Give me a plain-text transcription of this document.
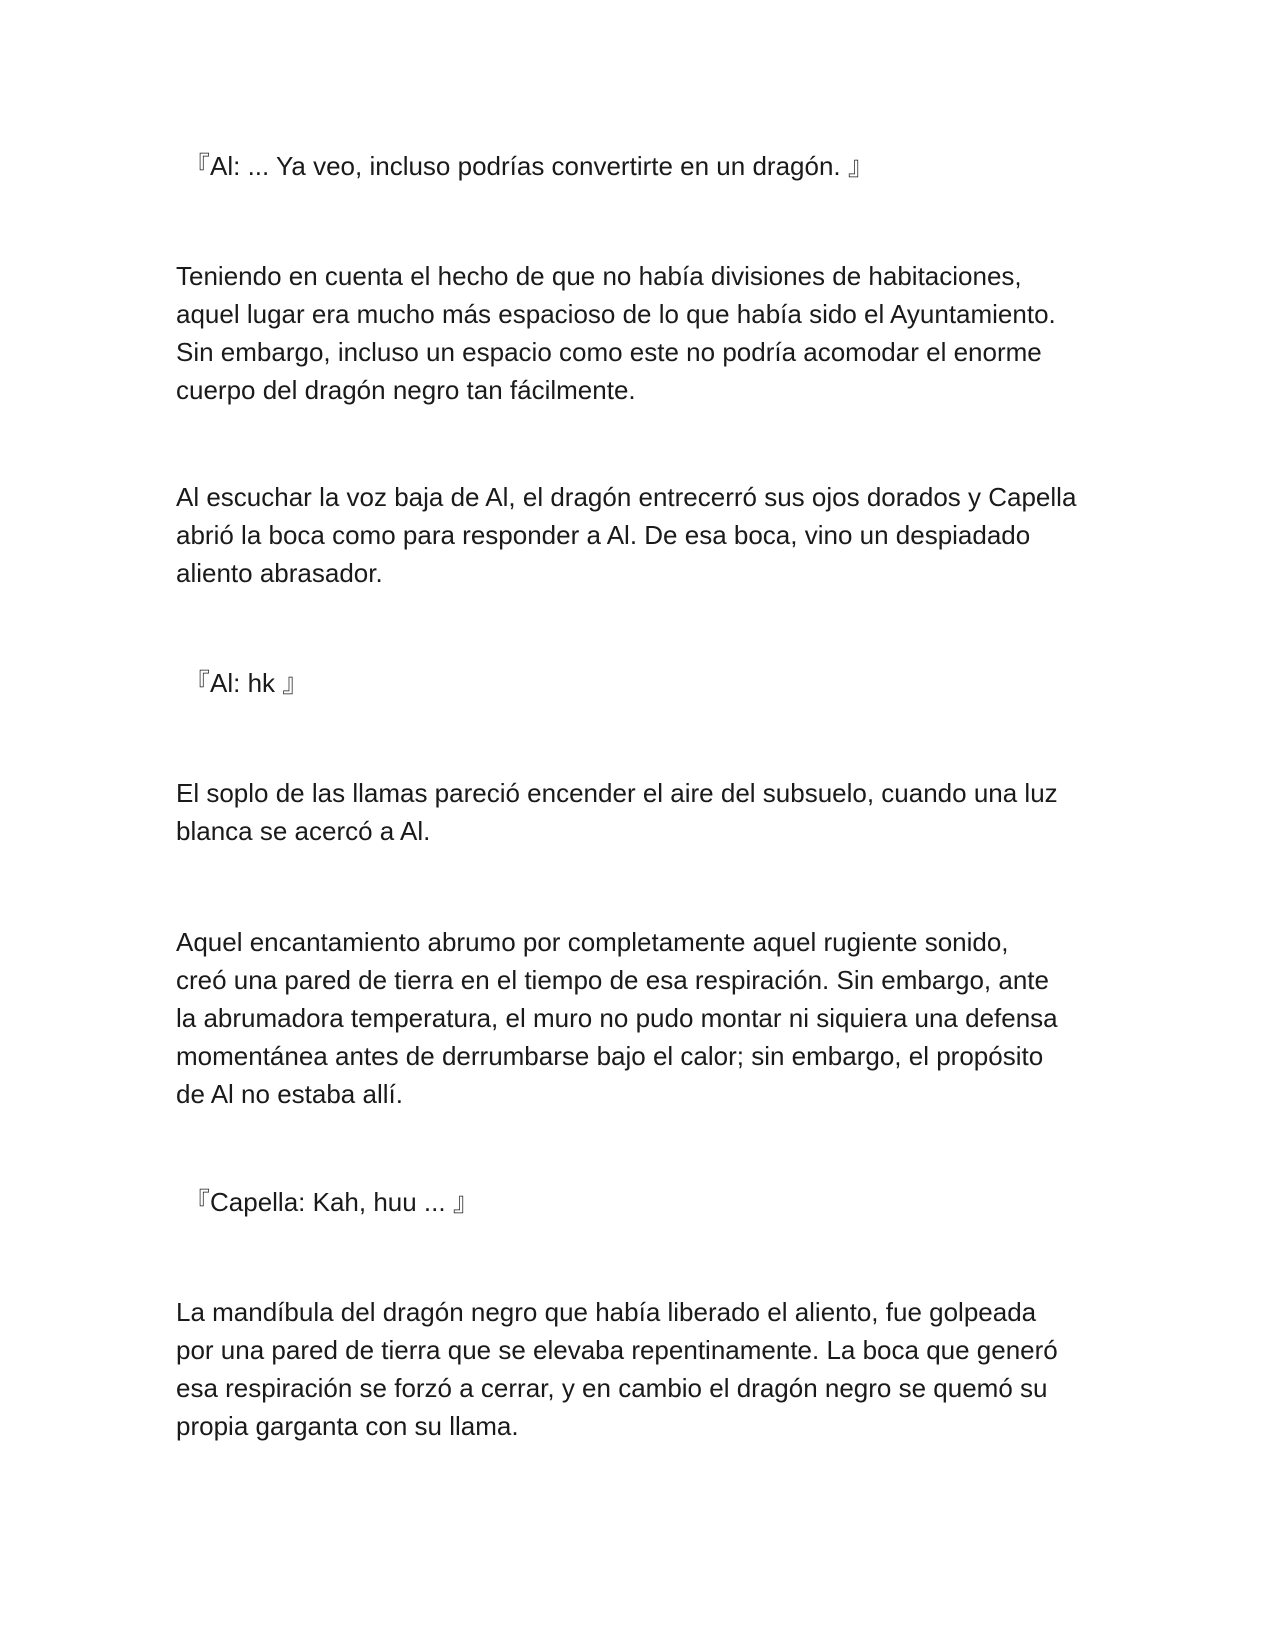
『Al: ... Ya veo, incluso podrías convertirte en un dragón. 』

Teniendo en cuenta el hecho de que no había divisiones de habitaciones,
aquel lugar era mucho más espacioso de lo que había sido el Ayuntamiento.
Sin embargo, incluso un espacio como este no podría acomodar el enorme
cuerpo del dragón negro tan fácilmente.

Al escuchar la voz baja de Al, el dragón entrecerró sus ojos dorados y Capella
abrió la boca como para responder a Al. De esa boca, vino un despiadado
aliento abrasador.

『Al: hk 』

El soplo de las llamas pareció encender el aire del subsuelo, cuando una luz
blanca se acercó a Al.

Aquel encantamiento abrumo por completamente aquel rugiente sonido,
creó una pared de tierra en el tiempo de esa respiración. Sin embargo, ante
la abrumadora temperatura, el muro no pudo montar ni siquiera una defensa
momentánea antes de derrumbarse bajo el calor; sin embargo, el propósito
de Al no estaba allí.

『Capella: Kah, huu ... 』

La mandíbula del dragón negro que había liberado el aliento, fue golpeada
por una pared de tierra que se elevaba repentinamente. La boca que generó
esa respiración se forzó a cerrar, y en cambio el dragón negro se quemó su
propia garganta con su llama.
